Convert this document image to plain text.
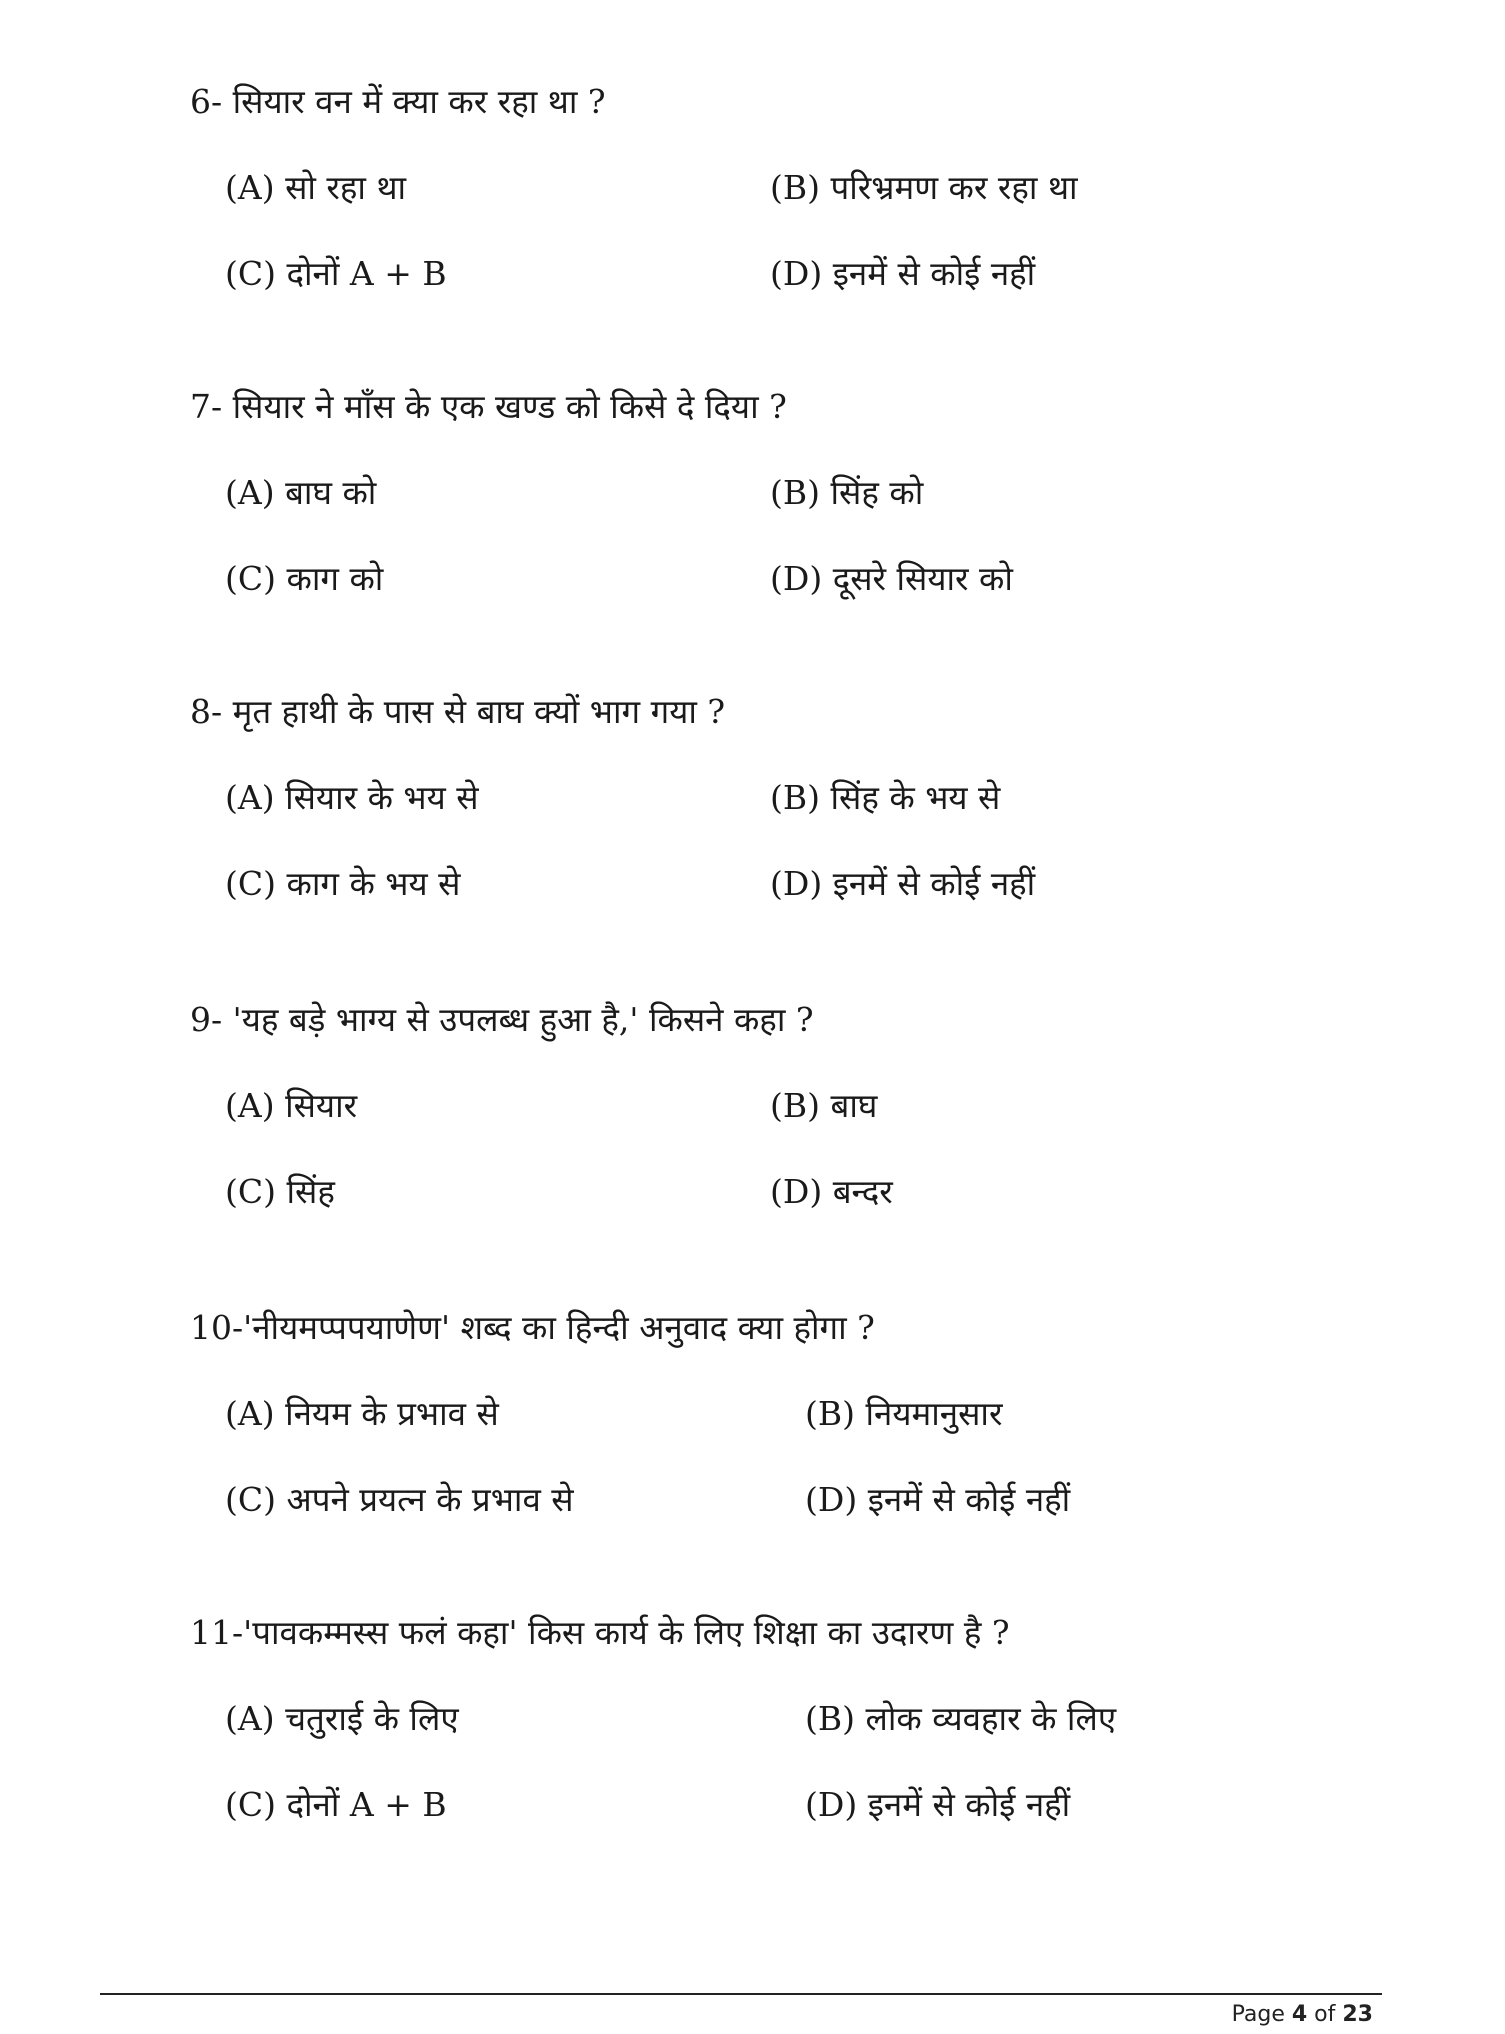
6- सियार वन में क्या कर रहा था ?
(A) सो रहा था	(B) परिभ्रमण कर रहा था
(C) दोनों A + B	(D) इनमें से कोई नहीं
7- सियार ने माँस के एक खण्ड को किसे दे दिया ?
(A) बाघ को	(B) सिंह को
(C) काग को	(D) दूसरे सियार को
8- मृत हाथी के पास से बाघ क्यों भाग गया ?
(A) सियार के भय से	(B) सिंह के भय से
(C) काग के भय से	(D) इनमें से कोई नहीं
9- 'यह बड़े भाग्य से उपलब्ध हुआ है,' किसने कहा ?
(A) सियार	(B) बाघ
(C) सिंह	(D) बन्दर
10-'नीयमप्पपयाणेण' शब्द का हिन्दी अनुवाद क्या होगा ?
(A) नियम के प्रभाव से	(B) नियमानुसार
(C) अपने प्रयत्न के प्रभाव से	(D) इनमें से कोई नहीं
11-'पावकम्मस्स फलं कहा' किस कार्य के लिए शिक्षा का उदारण है ?
(A) चतुराई के लिए	(B) लोक व्यवहार के लिए
(C) दोनों A + B	(D) इनमें से कोई नहीं
Page 4 of 23
